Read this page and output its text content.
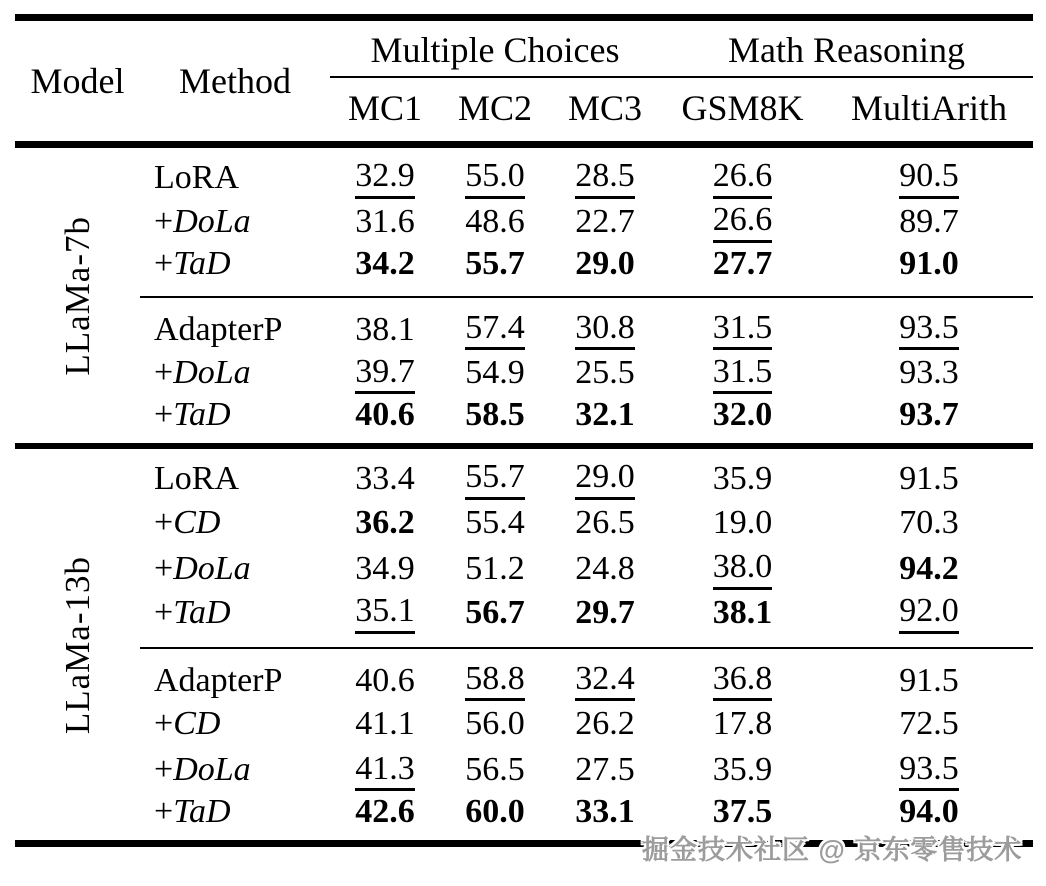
Model	Method	Multiple Choices			Math Reasoning	
		MC1	MC2	MC3	GSM8K	MultiArith
LLaMa-7b	LoRA	32.9	55.0	28.5	26.6	90.5
	+DoLa	31.6	48.6	22.7	26.6	89.7
	+TaD	34.2	55.7	29.0	27.7	91.0
	AdapterP	38.1	57.4	30.8	31.5	93.5
	+DoLa	39.7	54.9	25.5	31.5	93.3
	+TaD	40.6	58.5	32.1	32.0	93.7
LLaMa-13b	LoRA	33.4	55.7	29.0	35.9	91.5
	+CD	36.2	55.4	26.5	19.0	70.3
	+DoLa	34.9	51.2	24.8	38.0	94.2
	+TaD	35.1	56.7	29.7	38.1	92.0
	AdapterP	40.6	58.8	32.4	36.8	91.5
	+CD	41.1	56.0	26.2	17.8	72.5
	+DoLa	41.3	56.5	27.5	35.9	93.5
	+TaD	42.6	60.0	33.1	37.5	94.0
掘金技术社区 @ 京东零售技术
